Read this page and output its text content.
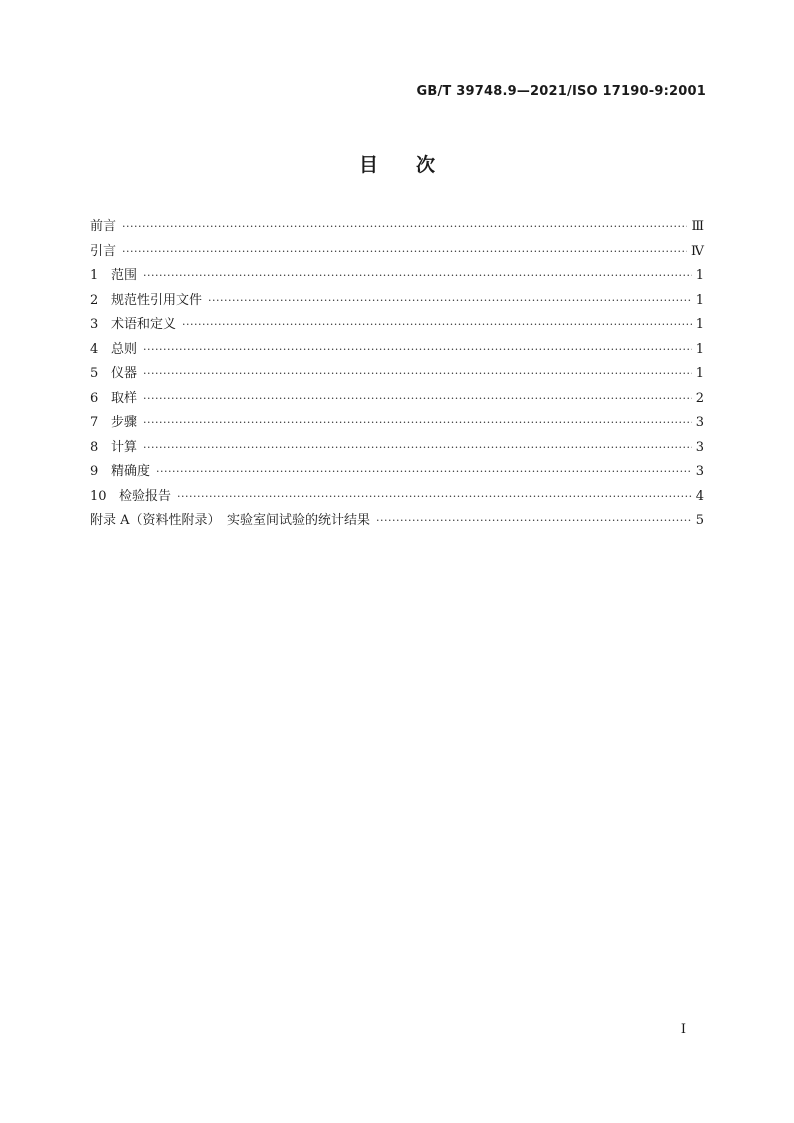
GB/T 39748.9—2021/ISO 17190-9:2001
目次
前言 ·····	Ⅲ
引言 ·····	Ⅳ
1 范围 ·····	1
2 规范性引用文件 ·····	1
3 术语和定义 ·····	1
4 总则 ·····	1
5 仪器 ·····	1
6 取样 ·····	2
7 步骤 ·····	3
8 计算 ·····	3
9 精确度 ·····	3
10 检验报告 ·····	4
附录 A（资料性附录）　实验室间试验的统计结果 ·····	5
I
